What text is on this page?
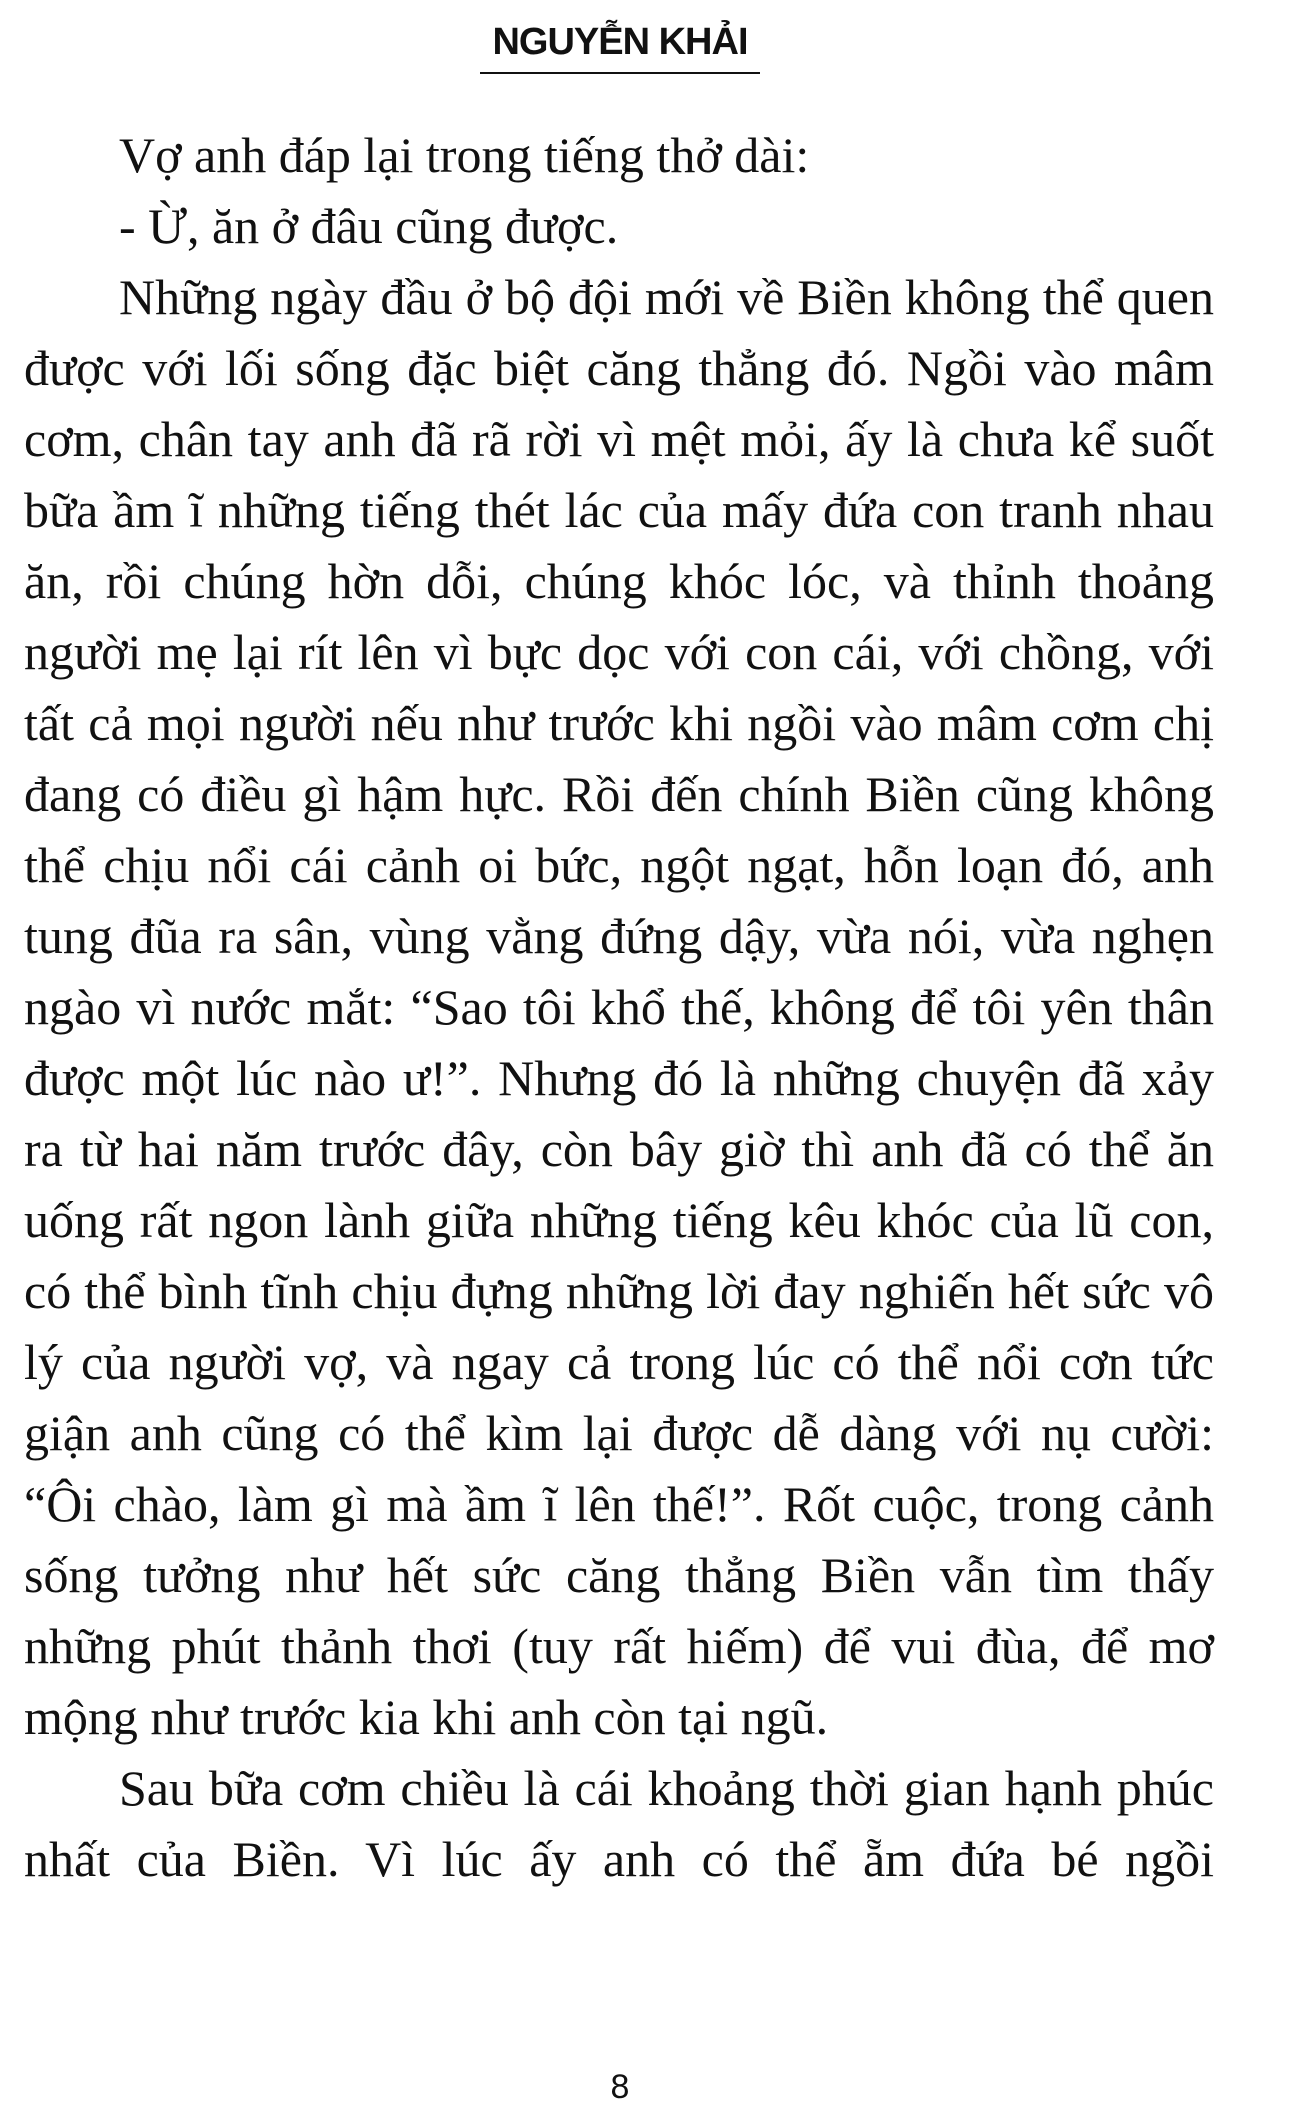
NGUYỄN KHẢI

Vợ anh đáp lại trong tiếng thở dài:

- Ừ, ăn ở đâu cũng được.

Những ngày đầu ở bộ đội mới về Biền không thể quen được với lối sống đặc biệt căng thẳng đó. Ngồi vào mâm cơm, chân tay anh đã rã rời vì mệt mỏi, ấy là chưa kể suốt bữa ầm ĩ những tiếng thét lác của mấy đứa con tranh nhau ăn, rồi chúng hờn dỗi, chúng khóc lóc, và thỉnh thoảng người mẹ lại rít lên vì bực dọc với con cái, với chồng, với tất cả mọi người nếu như trước khi ngồi vào mâm cơm chị đang có điều gì hậm hực. Rồi đến chính Biền cũng không thể chịu nổi cái cảnh oi bức, ngột ngạt, hỗn loạn đó, anh tung đũa ra sân, vùng vằng đứng dậy, vừa nói, vừa nghẹn ngào vì nước mắt: “Sao tôi khổ thế, không để tôi yên thân được một lúc nào ư!”. Nhưng đó là những chuyện đã xảy ra từ hai năm trước đây, còn bây giờ thì anh đã có thể ăn uống rất ngon lành giữa những tiếng kêu khóc của lũ con, có thể bình tĩnh chịu đựng những lời đay nghiến hết sức vô lý của người vợ, và ngay cả trong lúc có thể nổi cơn tức giận anh cũng có thể kìm lại được dễ dàng với nụ cười: “Ôi chào, làm gì mà ầm ĩ lên thế!”. Rốt cuộc, trong cảnh sống tưởng như hết sức căng thẳng Biền vẫn tìm thấy những phút thảnh thơi (tuy rất hiếm) để vui đùa, để mơ mộng như trước kia khi anh còn tại ngũ.

Sau bữa cơm chiều là cái khoảng thời gian hạnh phúc nhất của Biền. Vì lúc ấy anh có thể ẵm đứa bé ngồi

8
